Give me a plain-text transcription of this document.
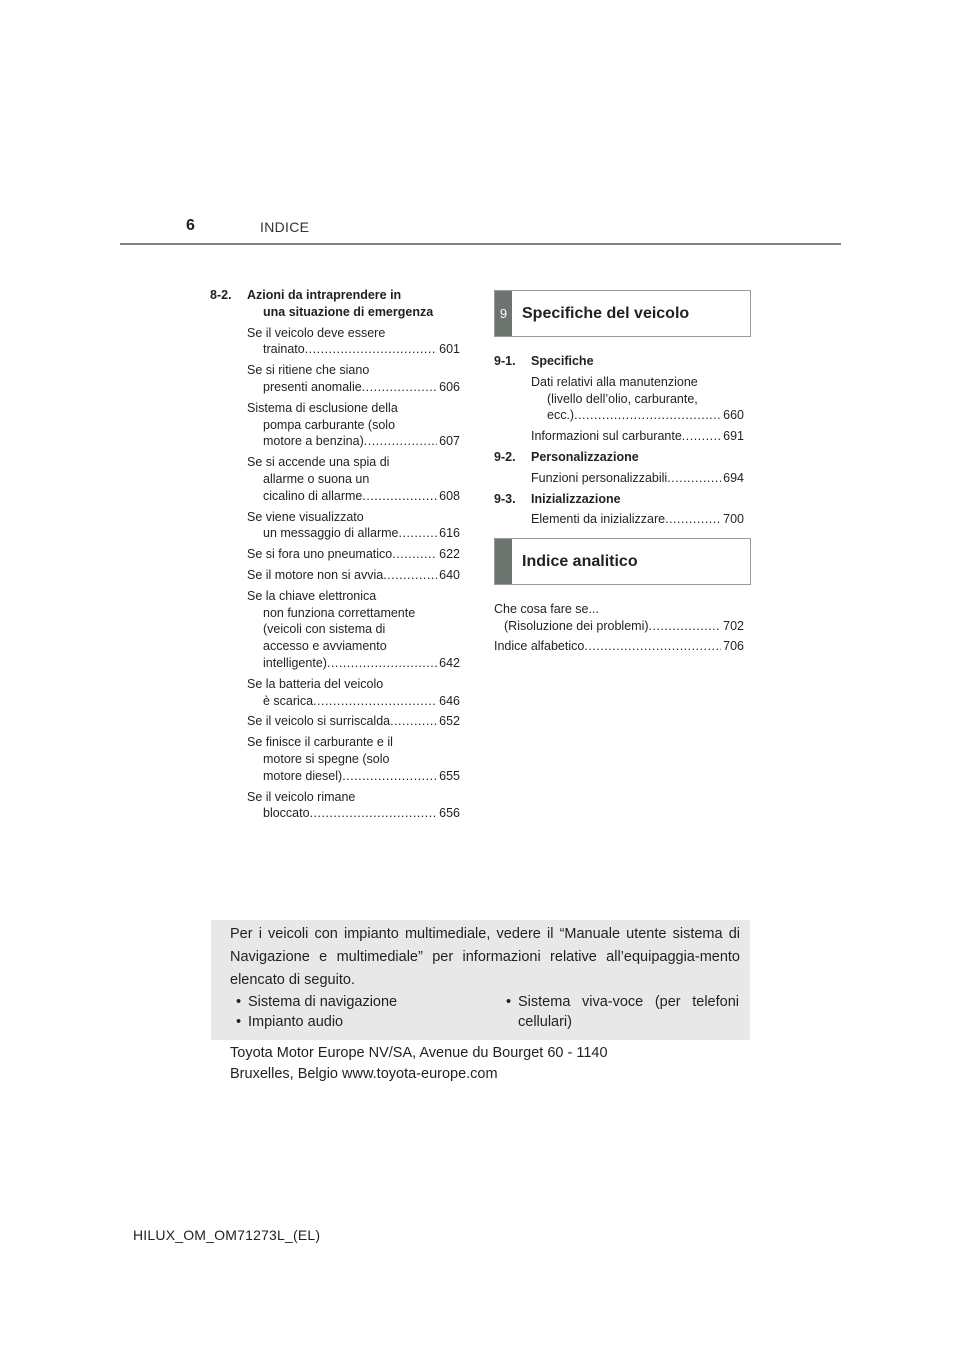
6	INDICE
8-2.	Azioni da intraprendere in
una situazione di emergenza
Se il veicolo deve essere
trainato .....	601
Se si ritiene che siano
presenti anomalie .....	606
Sistema di esclusione della
pompa carburante (solo
motore a benzina) .....	607
Se si accende una spia di
allarme o suona un
cicalino di allarme .....	608
Se viene visualizzato
un messaggio di allarme .....	616
Se si fora uno pneumatico .....	622
Se il motore non si avvia .....	640
Se la chiave elettronica
non funziona correttamente
(veicoli con sistema di
accesso e avviamento
intelligente) .....	642
Se la batteria del veicolo
è scarica .....	646
Se il veicolo si surriscalda .....	652
Se finisce il carburante e il
motore si spegne (solo
motore diesel) .....	655
Se il veicolo rimane
bloccato .....	656
9 Specifiche del veicolo
9-1.	Specifiche
Dati relativi alla manutenzione
(livello dell’olio, carburante,
ecc.) .....	660
Informazioni sul carburante .....	691
9-2.	Personalizzazione
Funzioni personalizzabili .....	694
9-3.	Inizializzazione
Elementi da inizializzare .....	700
Indice analitico
Che cosa fare se...
(Risoluzione dei problemi) .....	702
Indice alfabetico .....	706
Per i veicoli con impianto multimediale, vedere il “Manuale utente sistema di Navigazione e multimediale” per informazioni relative all’equipaggia-mento elencato di seguito.
• Sistema di navigazione
• Impianto audio
• Sistema viva-voce (per telefoni
cellulari)
Toyota Motor Europe NV/SA, Avenue du Bourget 60 - 1140
Bruxelles, Belgio www.toyota-europe.com
HILUX_OM_OM71273L_(EL)
